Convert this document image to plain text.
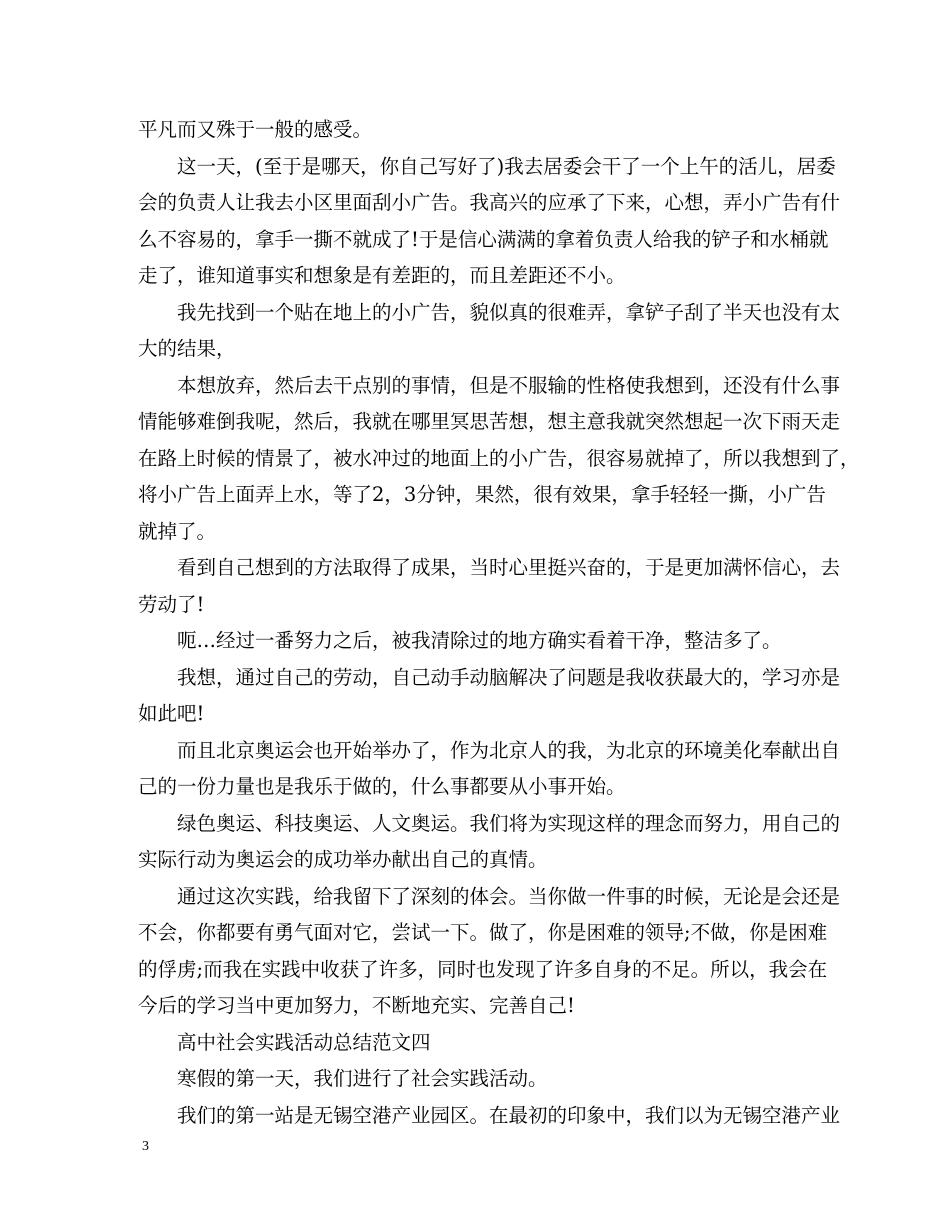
平凡而又殊于一般的感受。
这一天，(至于是哪天，你自己写好了)我去居委会干了一个上午的活儿，居委
会的负责人让我去小区里面刮小广告。我高兴的应承了下来，心想，弄小广告有什
么不容易的，拿手一撕不就成了!于是信心满满的拿着负责人给我的铲子和水桶就
走了，谁知道事实和想象是有差距的，而且差距还不小。
我先找到一个贴在地上的小广告，貌似真的很难弄，拿铲子刮了半天也没有太
大的结果，
本想放弃，然后去干点别的事情，但是不服输的性格使我想到，还没有什么事
情能够难倒我呢，然后，我就在哪里冥思苦想，想主意我就突然想起一次下雨天走
在路上时候的情景了，被水冲过的地面上的小广告，很容易就掉了，所以我想到了，
将小广告上面弄上水，等了2，3分钟，果然，很有效果，拿手轻轻一撕，小广告
就掉了。
看到自己想到的方法取得了成果，当时心里挺兴奋的，于是更加满怀信心，去
劳动了!
呃…经过一番努力之后，被我清除过的地方确实看着干净，整洁多了。
我想，通过自己的劳动，自己动手动脑解决了问题是我收获最大的，学习亦是
如此吧!
而且北京奥运会也开始举办了，作为北京人的我，为北京的环境美化奉献出自
己的一份力量也是我乐于做的，什么事都要从小事开始。
绿色奥运、科技奥运、人文奥运。我们将为实现这样的理念而努力，用自己的
实际行动为奥运会的成功举办献出自己的真情。
通过这次实践，给我留下了深刻的体会。当你做一件事的时候，无论是会还是
不会，你都要有勇气面对它，尝试一下。做了，你是困难的领导;不做，你是困难
的俘虏;而我在实践中收获了许多，同时也发现了许多自身的不足。所以，我会在
今后的学习当中更加努力，不断地充实、完善自己!
高中社会实践活动总结范文四
寒假的第一天，我们进行了社会实践活动。
我们的第一站是无锡空港产业园区。在最初的印象中，我们以为无锡空港产业
3
